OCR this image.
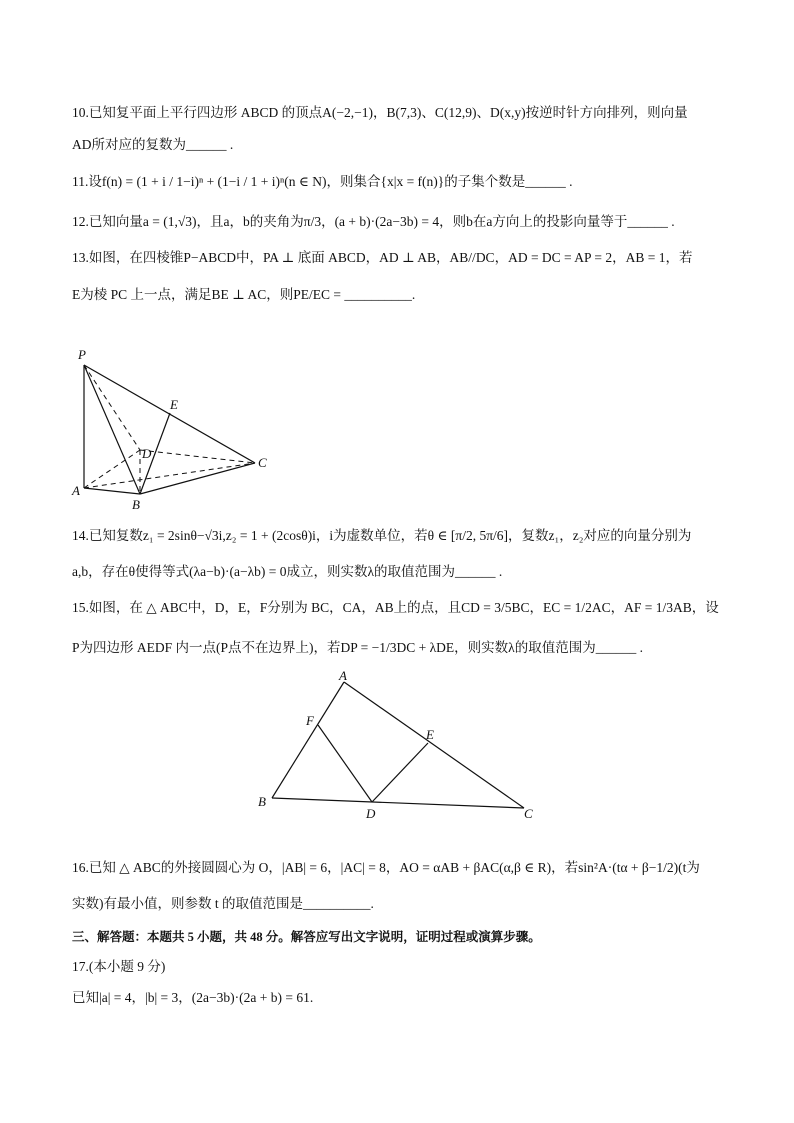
10.已知复平面上平行四边形 ABCD 的顶点A(−2,−1)，B(7,3)、C(12,9)、D(x,y)按逆时针方向排列，则向量
AD所对应的复数为______ .
11.设f(n) = (1 + i / 1−i)ⁿ + (1−i / 1 + i)ⁿ(n ∈ N)，则集合{x|x = f(n)}的子集个数是______ .
12.已知向量a = (1,√3)，且a，b的夹角为π/3，(a + b)·(2a−3b) = 4，则b在a方向上的投影向量等于______ .
13.如图，在四棱锥P−ABCD中，PA ⊥ 底面 ABCD，AD ⊥ AB，AB//DC，AD = DC = AP = 2，AB = 1，若
E为棱 PC 上一点，满足BE ⊥ AC，则PE/EC = __________.
P
E
D
C
A
B
14.已知复数z₁ = 2sinθ−√3i,z₂ = 1 + (2cosθ)i，i为虚数单位，若θ ∈ [π/2, 5π/6]，复数z₁，z₂对应的向量分别为
a,b，存在θ使得等式(λa−b)·(a−λb) = 0成立，则实数λ的取值范围为______ .
15.如图，在 △ ABC中，D，E，F分别为 BC，CA，AB上的点，且CD = 3/5BC，EC = 1/2AC，AF = 1/3AB，设
P为四边形 AEDF 内一点(P点不在边界上)，若DP = −1/3DC + λDE，则实数λ的取值范围为______ .
A
F
E
B
D	C
16.已知 △ ABC的外接圆圆心为 O，|AB| = 6，|AC| = 8，AO = αAB + βAC(α,β ∈ R)，若sin²A·(tα + β−1/2)(t为
实数)有最小值，则参数 t 的取值范围是__________.
三、解答题：本题共 5 小题，共 48 分。解答应写出文字说明，证明过程或演算步骤。
17.(本小题 9 分)
已知|a| = 4，|b| = 3，(2a−3b)·(2a + b) = 61.
